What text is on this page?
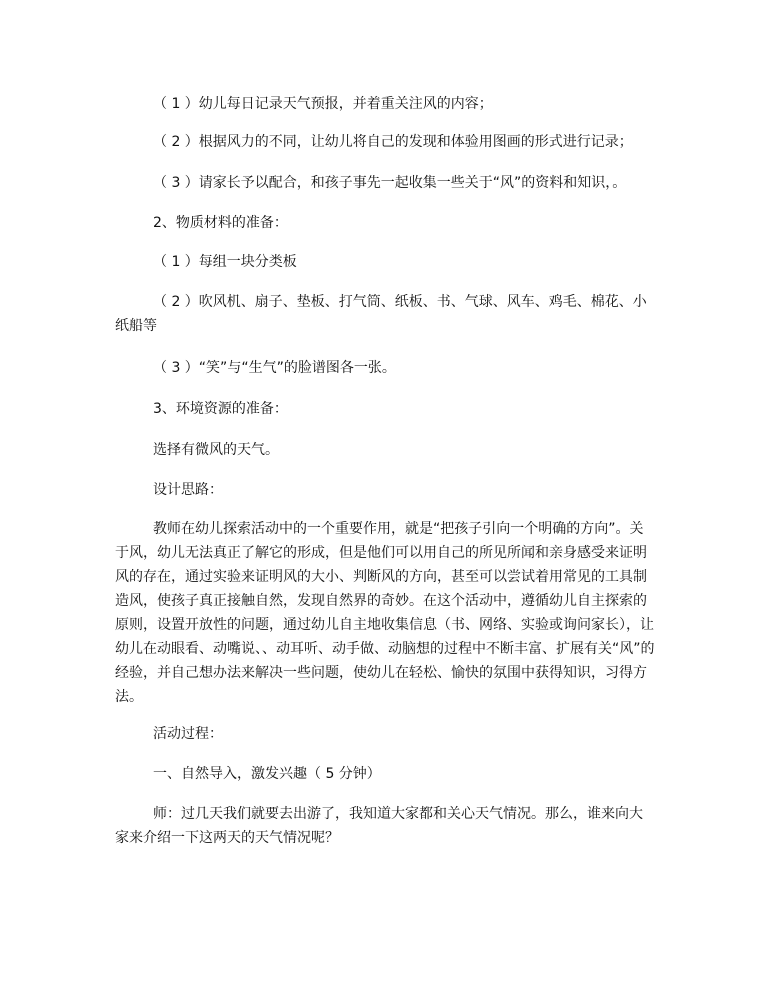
（ 1 ）幼儿每日记录天气预报，并着重关注风的内容；

（ 2 ）根据风力的不同，让幼儿将自己的发现和体验用图画的形式进行记录；

（ 3 ）请家长予以配合，和孩子事先一起收集一些关于“风”的资料和知识，。

2、物质材料的准备：

（ 1 ）每组一块分类板

（ 2 ）吹风机、扇子、垫板、打气筒、纸板、书、气球、风车、鸡毛、棉花、小纸船等

（ 3 ）“笑”与“生气”的脸谱图各一张。

3、环境资源的准备：

选择有微风的天气。

设计思路：

教师在幼儿探索活动中的一个重要作用，就是“把孩子引向一个明确的方向”。关于风，幼儿无法真正了解它的形成，但是他们可以用自己的所见所闻和亲身感受来证明风的存在，通过实验来证明风的大小、判断风的方向，甚至可以尝试着用常见的工具制造风，使孩子真正接触自然，发现自然界的奇妙。在这个活动中，遵循幼儿自主探索的原则，设置开放性的问题，通过幼儿自主地收集信息（书、网络、实验或询问家长），让幼儿在动眼看、动嘴说、、动耳听、动手做、动脑想的过程中不断丰富、扩展有关“风”的经验，并自己想办法来解决一些问题，使幼儿在轻松、愉快的氛围中获得知识，习得方法。

活动过程：

一、自然导入，激发兴趣（ 5 分钟）

师：过几天我们就要去出游了，我知道大家都和关心天气情况。那么，谁来向大家来介绍一下这两天的天气情况呢？
